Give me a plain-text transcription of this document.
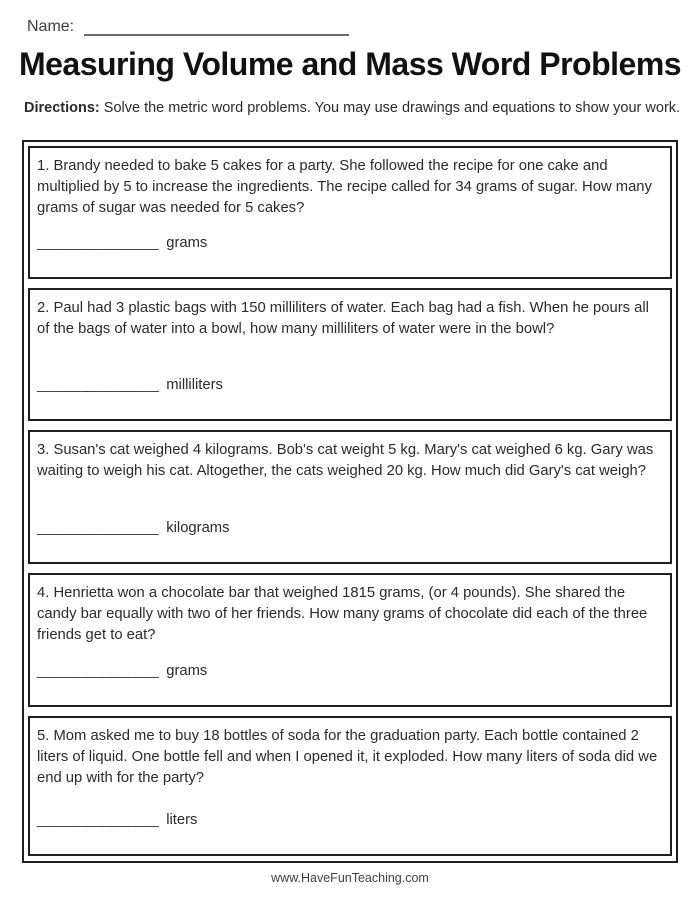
Name:
Measuring Volume and Mass Word Problems

Directions: Solve the metric word problems. You may use drawings and equations to show your work.

1. Brandy needed to bake 5 cakes for a party. She followed the recipe for one cake and multiplied by 5 to increase the ingredients. The recipe called for 34 grams of sugar. How many grams of sugar was needed for 5 cakes?

______________ grams

2. Paul had 3 plastic bags with 150 milliliters of water. Each bag had a fish. When he pours all of the bags of water into a bowl, how many milliliters of water were in the bowl?

______________ milliliters

3. Susan's cat weighed 4 kilograms. Bob's cat weight 5 kg. Mary's cat weighed 6 kg. Gary was waiting to weigh his cat. Altogether, the cats weighed 20 kg. How much did Gary's cat weigh?

______________ kilograms

4. Henrietta won a chocolate bar that weighed 1815 grams, (or 4 pounds). She shared the candy bar equally with two of her friends. How many grams of chocolate did each of the three friends get to eat?

______________ grams

5. Mom asked me to buy 18 bottles of soda for the graduation party. Each bottle contained 2 liters of liquid. One bottle fell and when I opened it, it exploded. How many liters of soda did we end up with for the party?

______________ liters
www.HaveFunTeaching.com
